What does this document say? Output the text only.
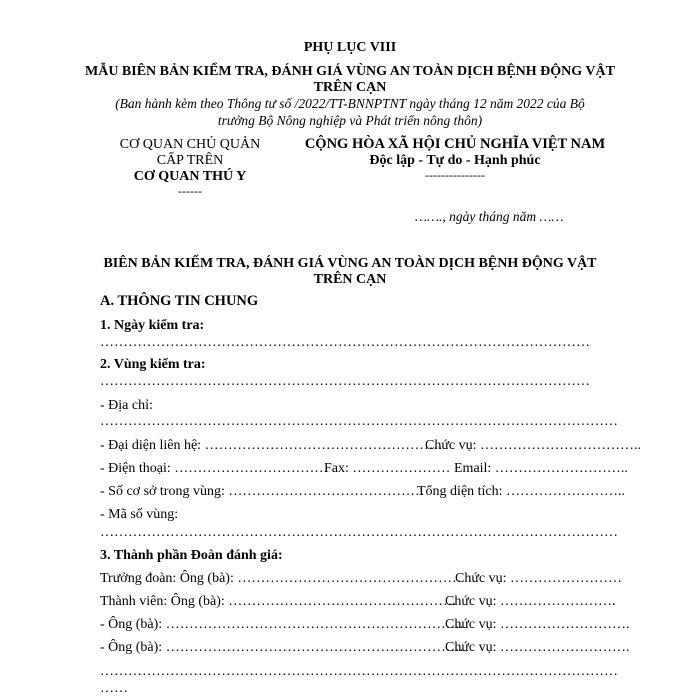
PHỤ LỤC VIII
MẪU BIÊN BẢN KIỂM TRA, ĐÁNH GIÁ VÙNG AN TOÀN DỊCH BỆNH ĐỘNG VẬT
TRÊN CẠN
(Ban hành kèm theo Thông tư số /2022/TT-BNNPTNT ngày tháng 12 năm 2022 của Bộ
trưởng Bộ Nông nghiệp và Phát triển nông thôn)
CƠ QUAN CHỦ QUẢN
CẤP TRÊN
CƠ QUAN THÚ Y
------
CỘNG HÒA XÃ HỘI CHỦ NGHĨA VIỆT NAM
Độc lập - Tự do - Hạnh phúc
---------------
……., ngày tháng năm ……
BIÊN BẢN KIỂM TRA, ĐÁNH GIÁ VÙNG AN TOÀN DỊCH BỆNH ĐỘNG VẬT
TRÊN CẠN
A. THÔNG TIN CHUNG
1. Ngày kiểm tra:
……………………………………………………………………………………………
2. Vùng kiểm tra:
……………………………………………………………………………………………
- Địa chỉ:
…………………………………………………………………………………………………
- Đại diện liên hệ: ……………………………………………
Chức vụ: ……………………………..
- Điện thoại: ……………………………
Fax: ………………… Email: ………………………..
- Số cơ sở trong vùng: ……………………………………
Tổng diện tích: ……………………..
- Mã số vùng:
…………………………………………………………………………………………………
3. Thành phần Đoàn đánh giá:
Trưởng đoàn: Ông (bà): …………………………………………
Chức vụ: ……………………
Thành viên: Ông (bà): ………………………………………….
Chức vụ: …………………….
- Ông (bà): ……………………………………………………….
Chức vụ: ……………………….
- Ông (bà): ……………………………………………………….
Chức vụ: ……………………….
…………………………………………………………………………………………………
……
